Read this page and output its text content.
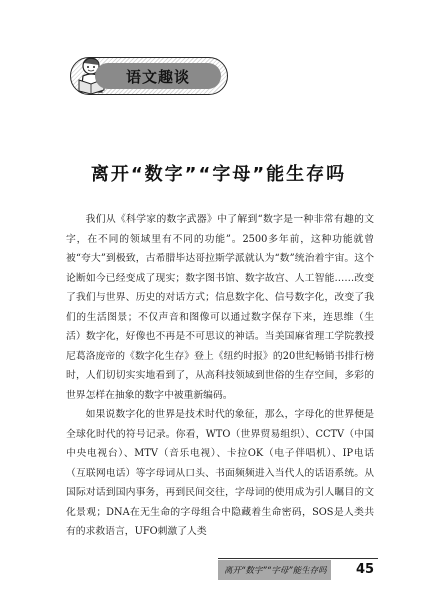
语文趣谈
离开“数字”“字母”能生存吗

我们从《科学家的数字武器》中了解到“数字是一种非常有趣的文字，在不同的领域里有不同的功能”。2500多年前，这种功能就曾被“夸大”到极致，古希腊毕达哥拉斯学派就认为“数”统治着宇宙。这个论断如今已经变成了现实；数字图书馆、数字故宫、人工智能……改变了我们与世界、历史的对话方式；信息数字化、信号数字化，改变了我们的生活图景；不仅声音和图像可以通过数字保存下来，连思维（生活）数字化，好像也不再是不可思议的神话。当美国麻省理工学院教授尼葛洛庞帝的《数字化生存》登上《纽约时报》的20世纪畅销书排行榜时，人们切切实实地看到了，从高科技领域到世俗的生存空间，多彩的世界怎样在抽象的数字中被重新编码。

如果说数字化的世界是技术时代的象征，那么，字母化的世界便是全球化时代的符号记录。你看，WTO（世界贸易组织）、CCTV（中国中央电视台）、MTV（音乐电视）、卡拉OK（电子伴唱机）、IP电话（互联网电话）等字母词从口头、书面频频进入当代人的话语系统。从国际对话到国内事务，再到民间交往，字母词的使用成为引人瞩目的文化景观；DNA在无生命的字母组合中隐藏着生命密码，SOS是人类共有的求救语言，UFO刺激了人类

离开“数字”“字母”能生存吗 45
